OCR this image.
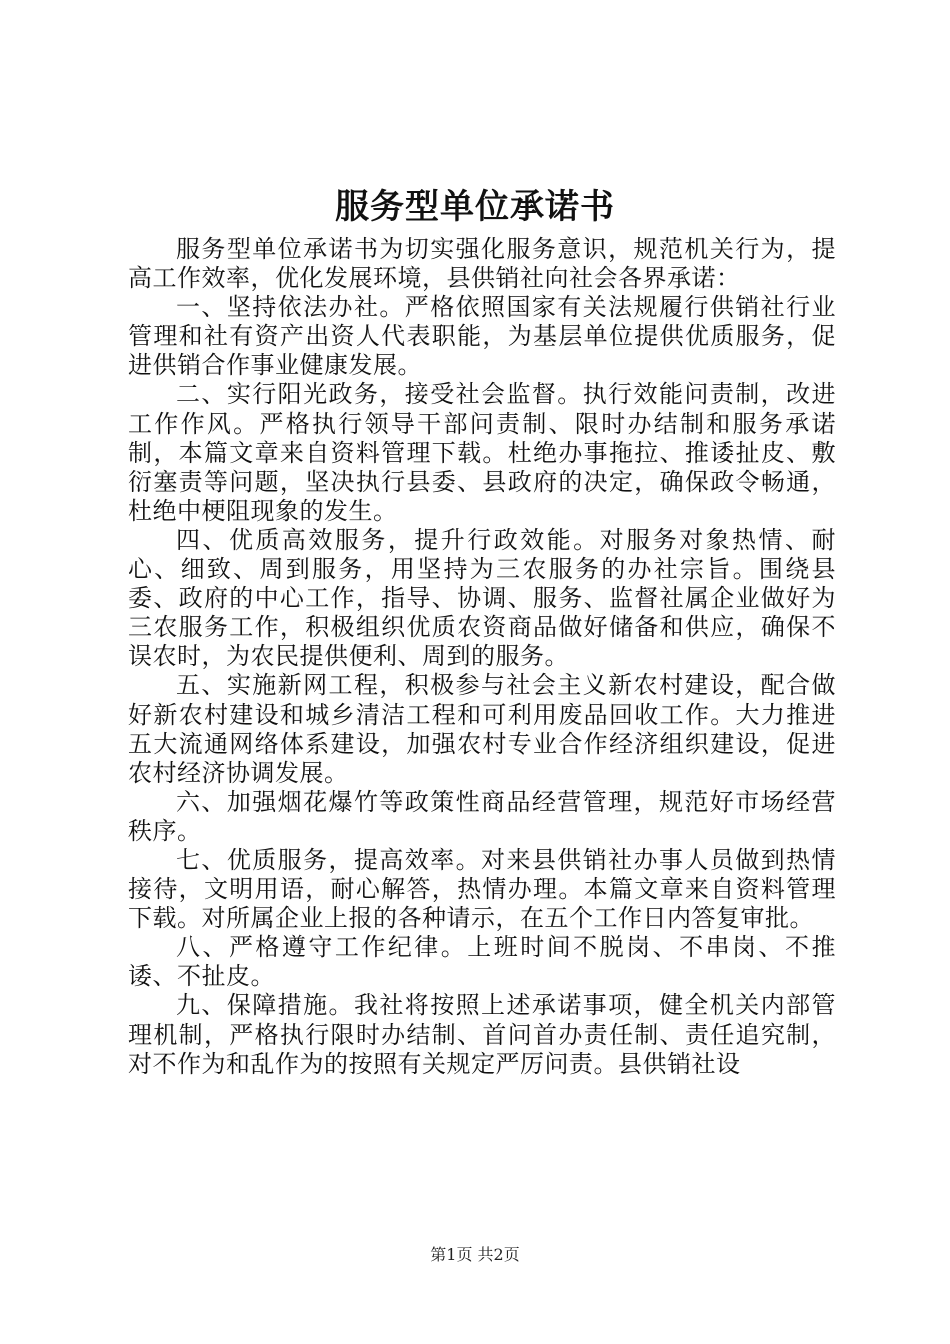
服务型单位承诺书

服务型单位承诺书为切实强化服务意识，规范机关行为，提高工作效率，优化发展环境，县供销社向社会各界承诺：

一、坚持依法办社。严格依照国家有关法规履行供销社行业管理和社有资产出资人代表职能，为基层单位提供优质服务，促进供销合作事业健康发展。

二、实行阳光政务，接受社会监督。执行效能问责制，改进工作作风。严格执行领导干部问责制、限时办结制和服务承诺制，本篇文章来自资料管理下载。杜绝办事拖拉、推诿扯皮、敷衍塞责等问题，坚决执行县委、县政府的决定，确保政令畅通，杜绝中梗阻现象的发生。

四、优质高效服务，提升行政效能。对服务对象热情、耐心、细致、周到服务，用坚持为三农服务的办社宗旨。围绕县委、政府的中心工作，指导、协调、服务、监督社属企业做好为三农服务工作，积极组织优质农资商品做好储备和供应，确保不误农时，为农民提供便利、周到的服务。

五、实施新网工程，积极参与社会主义新农村建设，配合做好新农村建设和城乡清洁工程和可利用废品回收工作。大力推进五大流通网络体系建设，加强农村专业合作经济组织建设，促进农村经济协调发展。

六、加强烟花爆竹等政策性商品经营管理，规范好市场经营秩序。

七、优质服务，提高效率。对来县供销社办事人员做到热情接待，文明用语，耐心解答，热情办理。本篇文章来自资料管理下载。对所属企业上报的各种请示，在五个工作日内答复审批。

八、严格遵守工作纪律。上班时间不脱岗、不串岗、不推诿、不扯皮。

九、保障措施。我社将按照上述承诺事项，健全机关内部管理机制，严格执行限时办结制、首问首办责任制、责任追究制，对不作为和乱作为的按照有关规定严厉问责。县供销社设

第1页 共2页
